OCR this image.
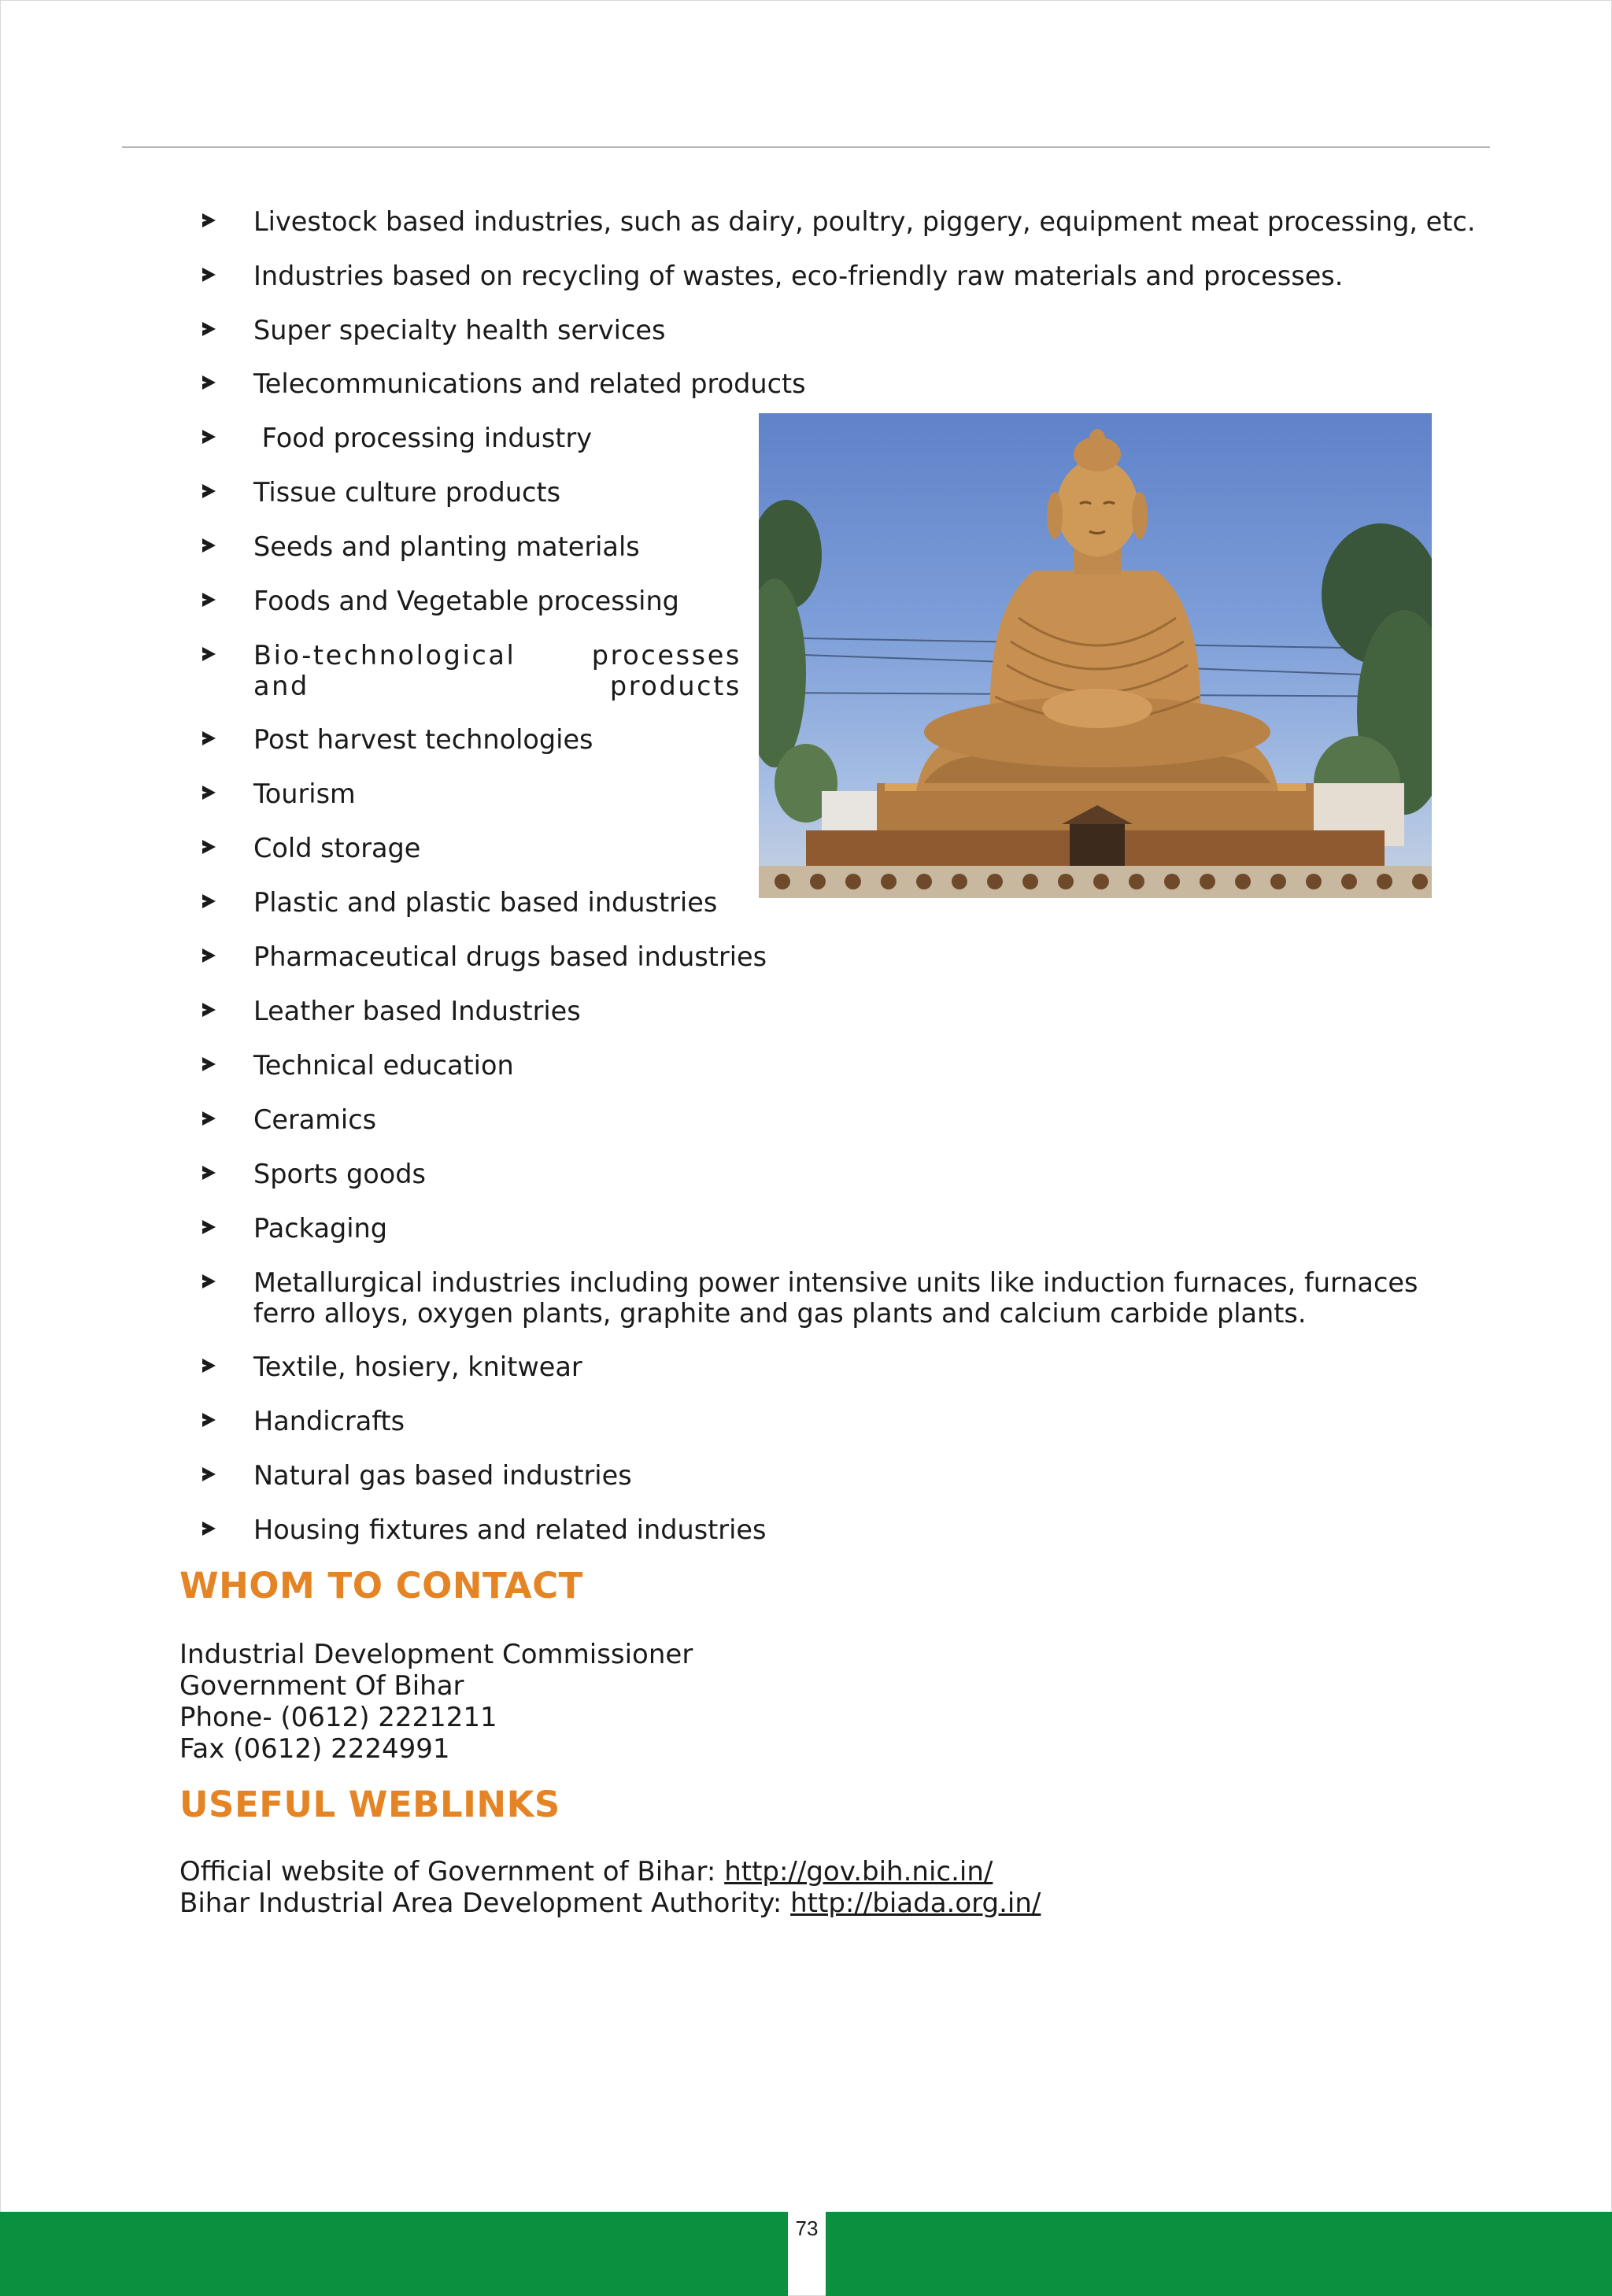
Livestock based industries, such as dairy, poultry, piggery, equipment meat processing, etc.
Industries based on recycling of wastes, eco-friendly raw materials and processes.
Super specialty health services
Telecommunications and related products
Food processing industry
Tissue culture products
Seeds and planting materials
Foods and Vegetable processing
Bio-technological processes and products
Post harvest technologies
Tourism
Cold storage
Plastic and plastic based industries
Pharmaceutical drugs based industries
Leather based Industries
Technical education
Ceramics
Sports goods
Packaging
Metallurgical industries including power intensive units like induction furnaces, furnaces ferro alloys, oxygen plants, graphite and gas plants and calcium carbide plants.
Textile, hosiery, knitwear
Handicrafts
Natural gas based industries
Housing fixtures and related industries
WHOM TO CONTACT
Industrial Development Commissioner
Government Of Bihar
Phone- (0612) 2221211
Fax (0612) 2224991
USEFUL WEBLINKS
Official website of Government of Bihar: http://gov.bih.nic.in/
Bihar Industrial Area Development Authority: http://biada.org.in/
73
